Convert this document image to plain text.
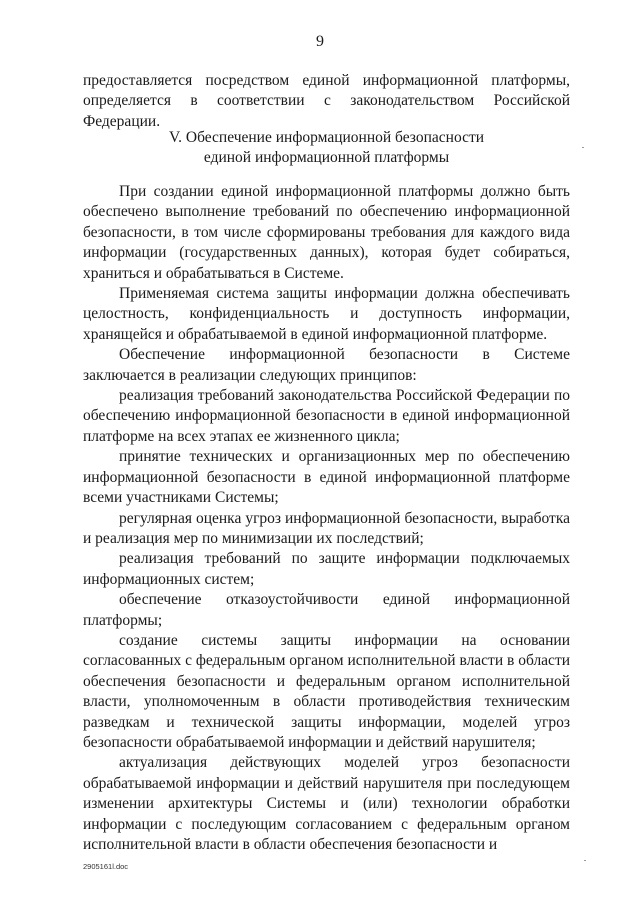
9

предоставляется посредством единой информационной платформы, определяется в соответствии с законодательством Российской Федерации.

V. Обеспечение информационной безопасности
единой информационной платформы

При создании единой информационной платформы должно быть обеспечено выполнение требований по обеспечению информационной безопасности, в том числе сформированы требования для каждого вида информации (государственных данных), которая будет собираться, храниться и обрабатываться в Системе.

Применяемая система защиты информации должна обеспечивать целостность, конфиденциальность и доступность информации, хранящейся и обрабатываемой в единой информационной платформе.

Обеспечение информационной безопасности в Системе заключается в реализации следующих принципов:

реализация требований законодательства Российской Федерации по обеспечению информационной безопасности в единой информационной платформе на всех этапах ее жизненного цикла;

принятие технических и организационных мер по обеспечению информационной безопасности в единой информационной платформе всеми участниками Системы;

регулярная оценка угроз информационной безопасности, выработка и реализация мер по минимизации их последствий;

реализация требований по защите информации подключаемых информационных систем;

обеспечение отказоустойчивости единой информационной платформы;

создание системы защиты информации на основании согласованных с федеральным органом исполнительной власти в области обеспечения безопасности и федеральным органом исполнительной власти, уполномоченным в области противодействия техническим разведкам и технической защиты информации, моделей угроз безопасности обрабатываемой информации и действий нарушителя;

актуализация действующих моделей угроз безопасности обрабатываемой информации и действий нарушителя при последующем изменении архитектуры Системы и (или) технологии обработки информации с последующим согласованием с федеральным органом исполнительной власти в области обеспечения безопасности и

2905161l.doc
